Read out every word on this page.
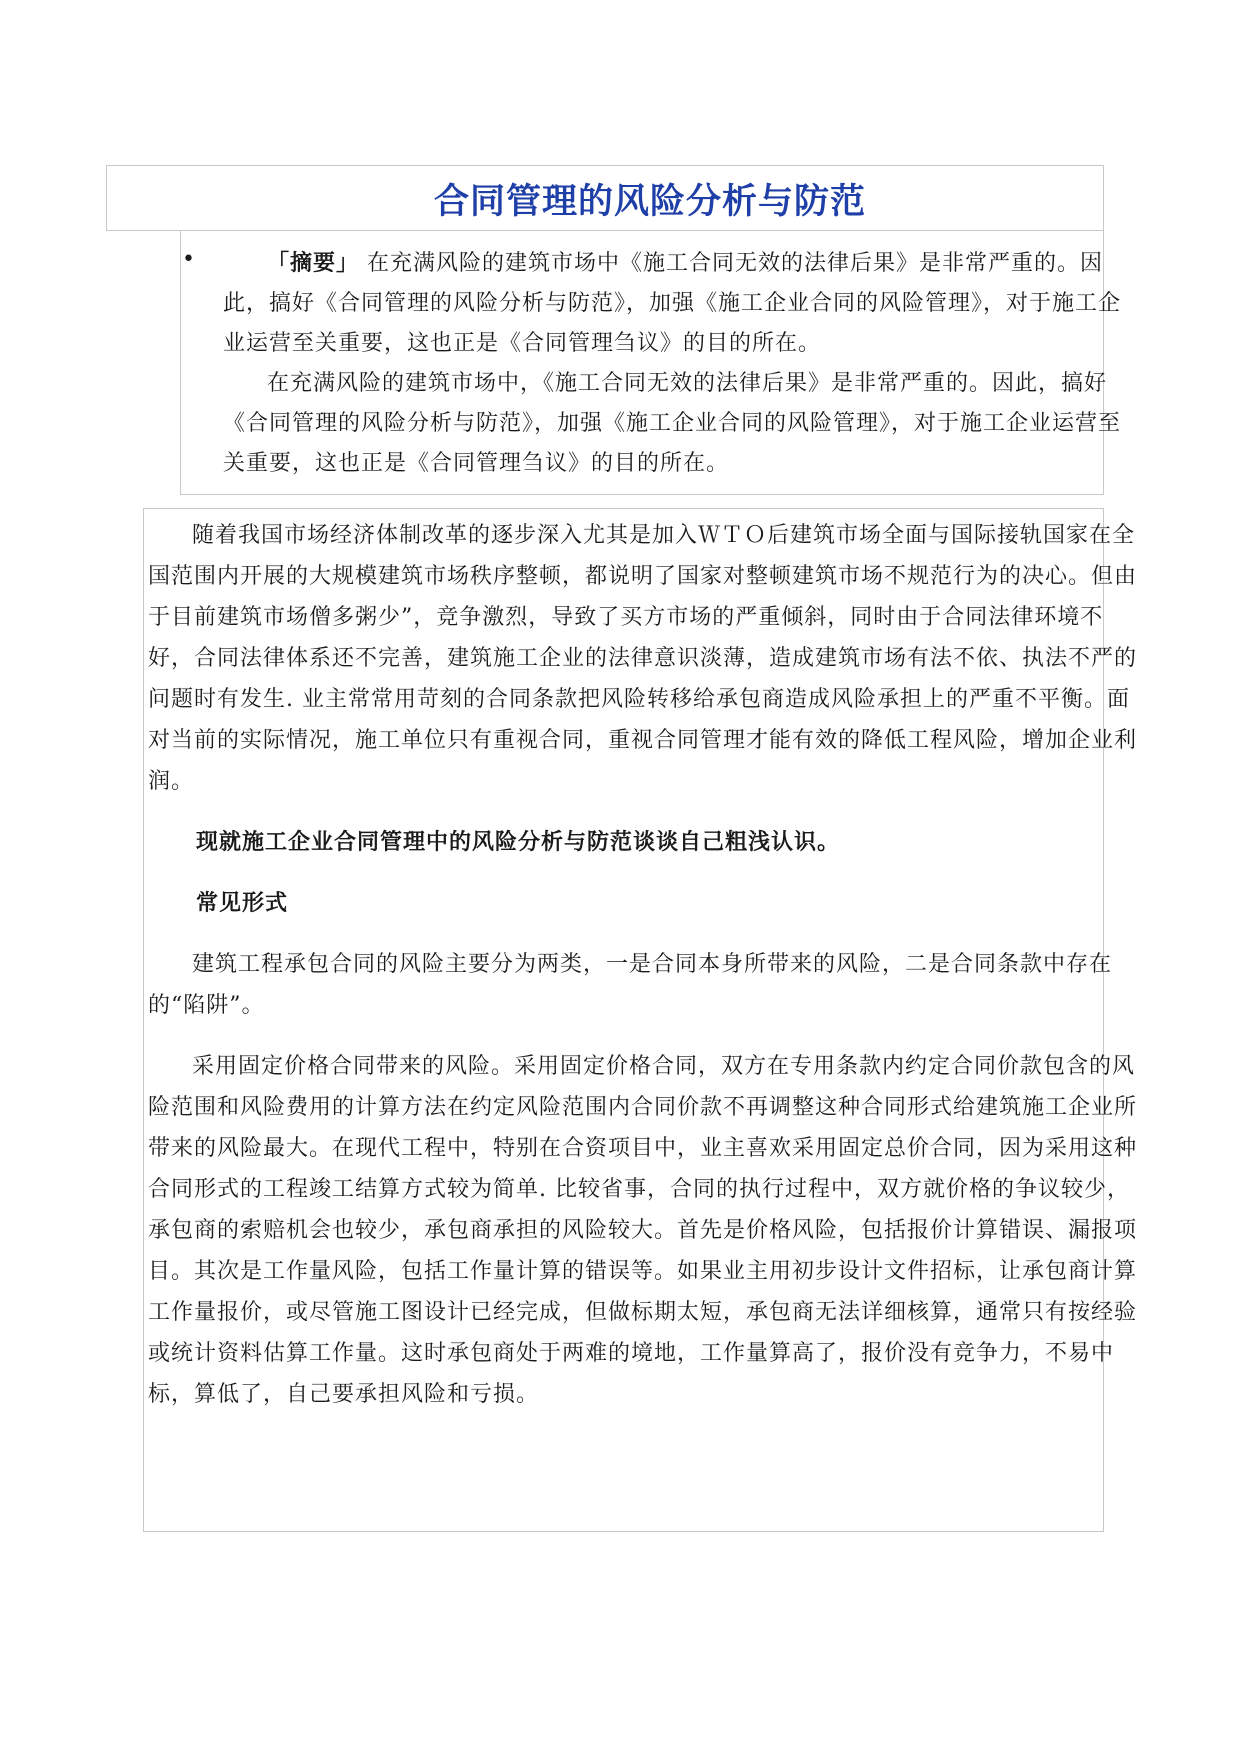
合同管理的风险分析与防范
•	「摘要」 在充满风险的建筑市场中《施工合同无效的法律后果》是非常严重的。因此，搞好《合同管理的风险分析与防范》，加强《施工企业合同的风险管理》，对于施工企业运营至关重要，这也正是《合同管理刍议》的目的所在。

在充满风险的建筑市场中，《施工合同无效的法律后果》是非常严重的。因此，搞好《合同管理的风险分析与防范》，加强《施工企业合同的风险管理》，对于施工企业运营至关重要，这也正是《合同管理刍议》的目的所在。

随着我国市场经济体制改革的逐步深入尤其是加入ＷＴＯ后建筑市场全面与国际接轨国家在全国范围内开展的大规模建筑市场秩序整顿，都说明了国家对整顿建筑市场不规范行为的决心。但由于目前建筑市场僧多粥少”，竞争激烈，导致了买方市场的严重倾斜，同时由于合同法律环境不好，合同法律体系还不完善，建筑施工企业的法律意识淡薄，造成建筑市场有法不依、执法不严的问题时有发生. 业主常常用苛刻的合同条款把风险转移给承包商造成风险承担上的严重不平衡。面对当前的实际情况，施工单位只有重视合同，重视合同管理才能有效的降低工程风险，增加企业利润。

现就施工企业合同管理中的风险分析与防范谈谈自己粗浅认识。

常见形式

建筑工程承包合同的风险主要分为两类，一是合同本身所带来的风险，二是合同条款中存在的“陷阱”。

采用固定价格合同带来的风险。采用固定价格合同，双方在专用条款内约定合同价款包含的风险范围和风险费用的计算方法在约定风险范围内合同价款不再调整这种合同形式给建筑施工企业所带来的风险最大。在现代工程中，特别在合资项目中，业主喜欢采用固定总价合同，因为采用这种合同形式的工程竣工结算方式较为简单. 比较省事，合同的执行过程中，双方就价格的争议较少，承包商的索赔机会也较少，承包商承担的风险较大。首先是价格风险，包括报价计算错误、漏报项目。其次是工作量风险，包括工作量计算的错误等。如果业主用初步设计文件招标，让承包商计算工作量报价，或尽管施工图设计已经完成，但做标期太短，承包商无法详细核算，通常只有按经验或统计资料估算工作量。这时承包商处于两难的境地，工作量算高了，报价没有竞争力，不易中标，算低了，自己要承担风险和亏损。
